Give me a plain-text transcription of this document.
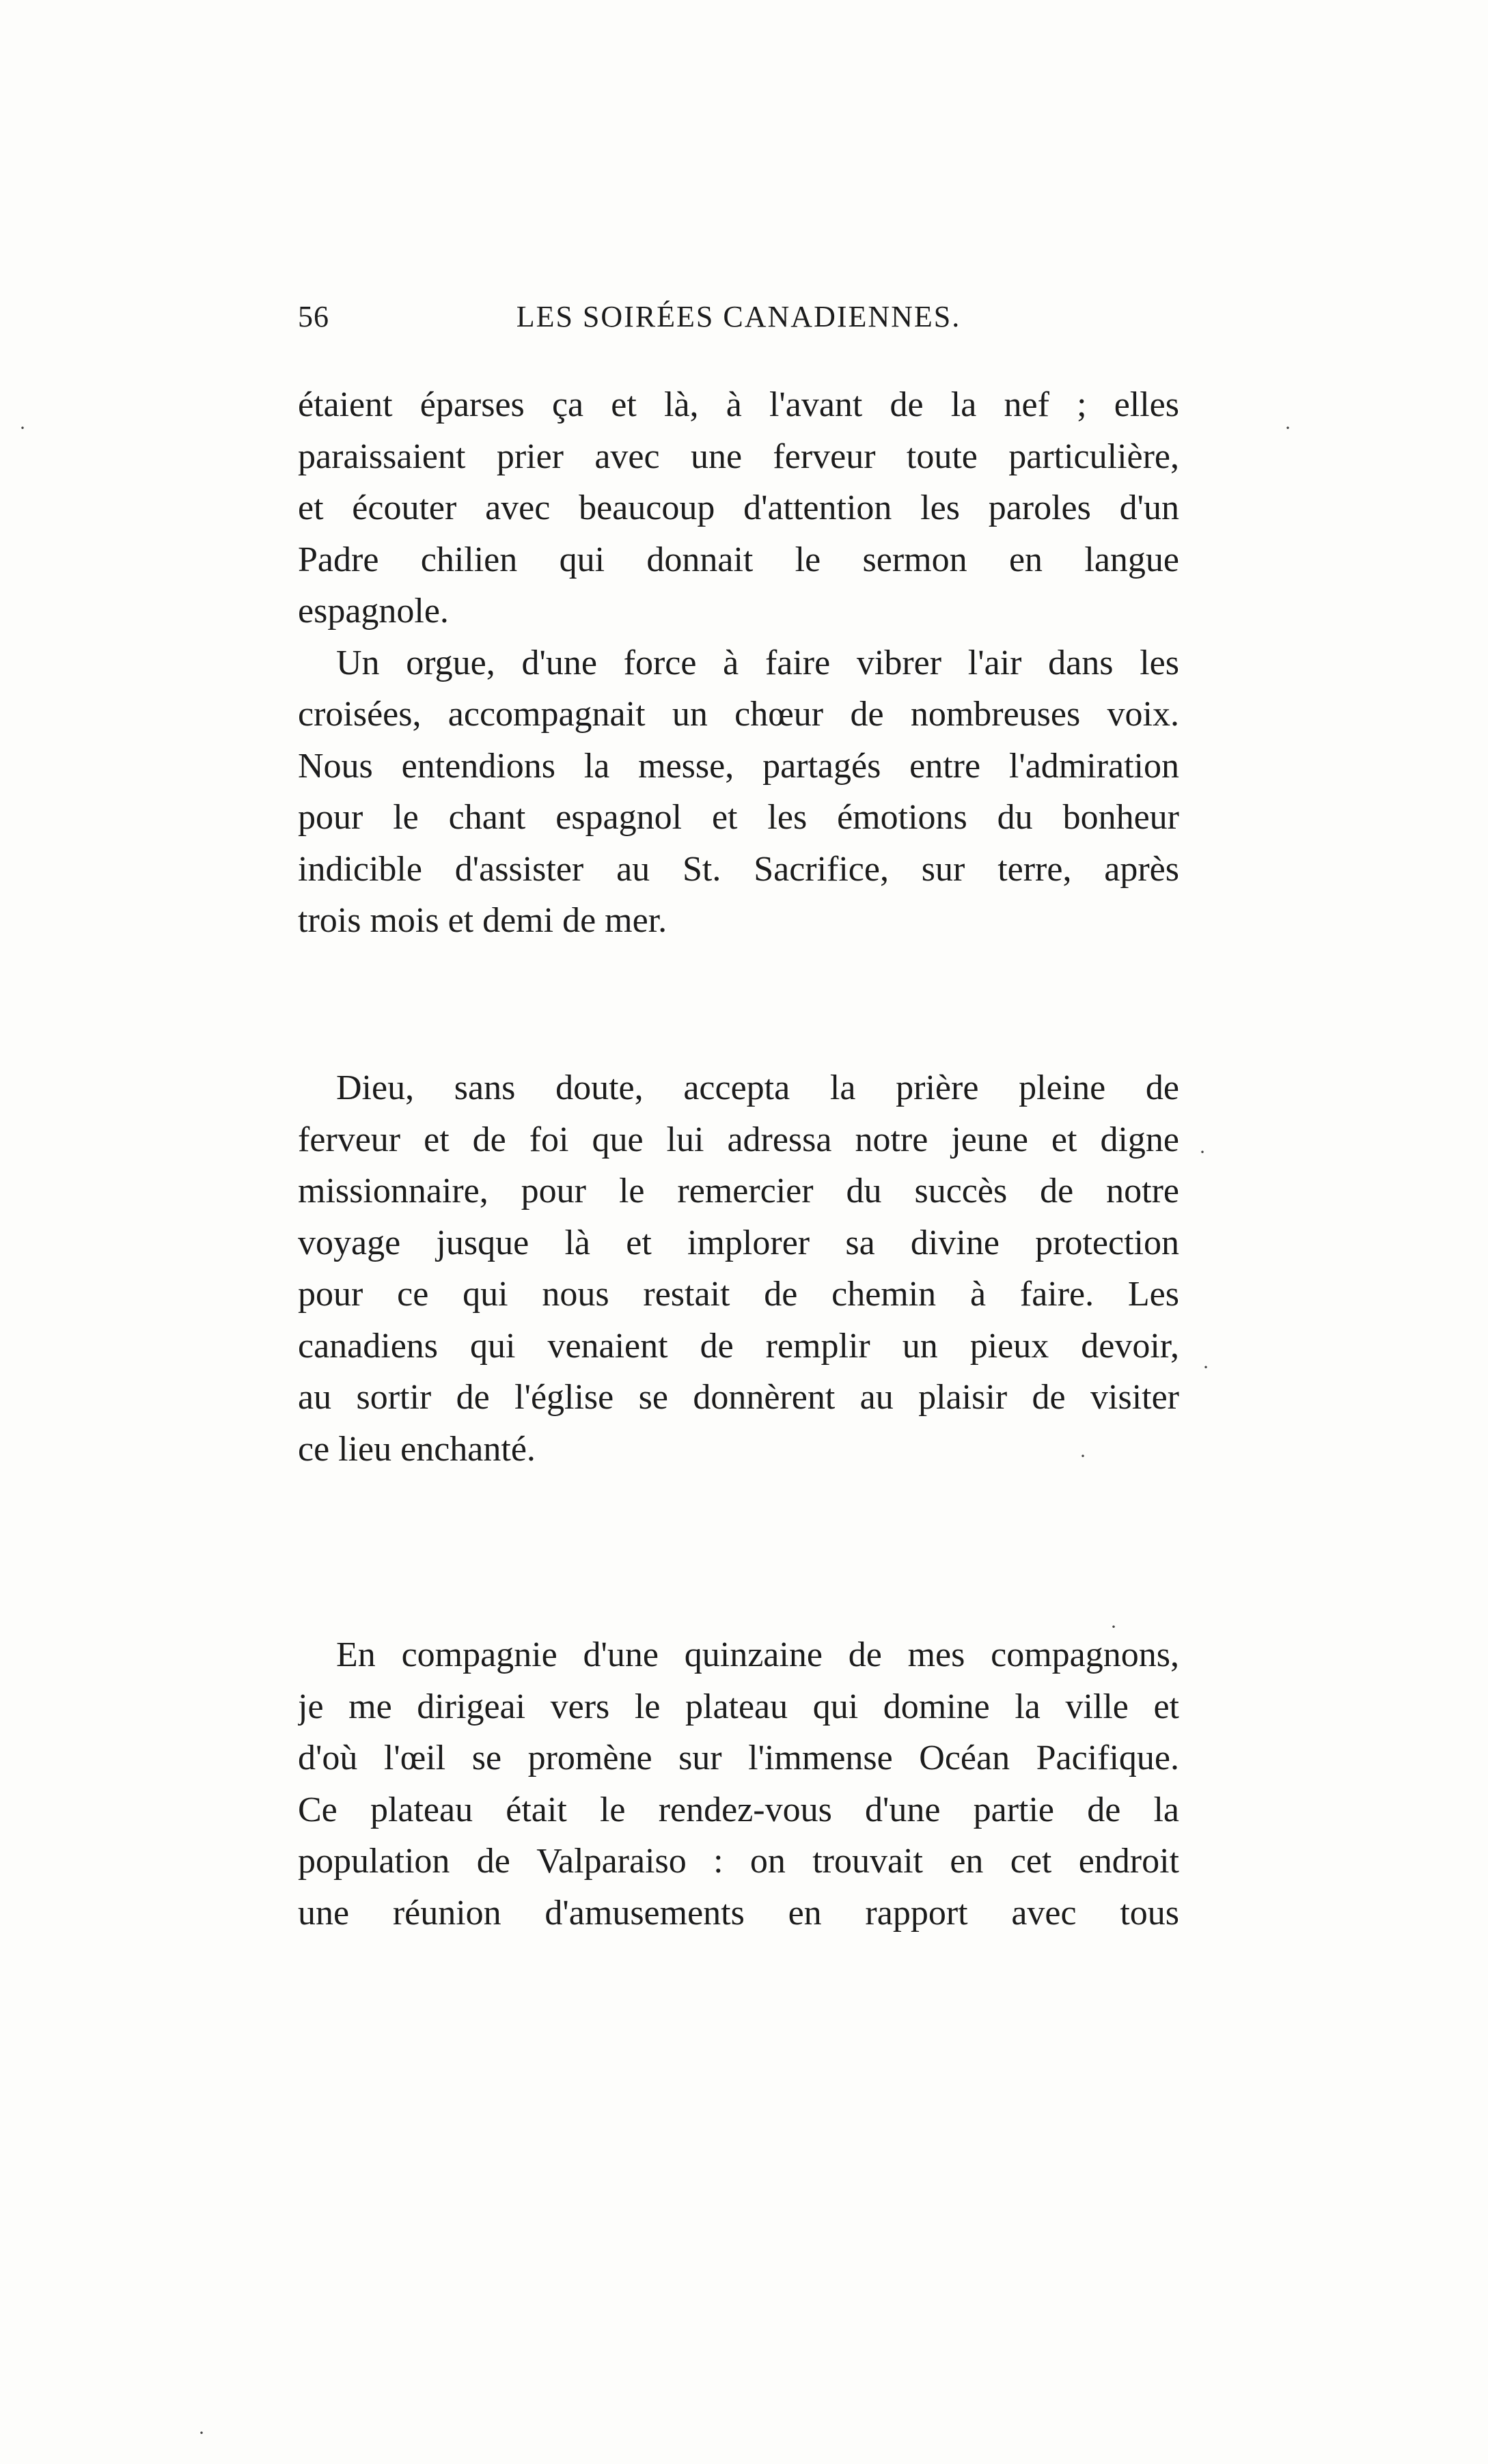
56	LES SOIRÉES CANADIENNES.
étaient éparses ça et là, à l'avant de la nef ; elles
paraissaient prier avec une ferveur toute particulière,
et écouter avec beaucoup d'attention les paroles d'un
Padre chilien qui donnait le sermon en langue
espagnole.
Un orgue, d'une force à faire vibrer l'air dans les
croisées, accompagnait un chœur de nombreuses voix.
Nous entendions la messe, partagés entre l'admiration
pour le chant espagnol et les émotions du bonheur
indicible d'assister au St. Sacrifice, sur terre, après
trois mois et demi de mer.
Dieu, sans doute, accepta la prière pleine de
ferveur et de foi que lui adressa notre jeune et digne
missionnaire, pour le remercier du succès de notre
voyage jusque là et implorer sa divine protection
pour ce qui nous restait de chemin à faire. Les
canadiens qui venaient de remplir un pieux devoir,
au sortir de l'église se donnèrent au plaisir de visiter
ce lieu enchanté.
En compagnie d'une quinzaine de mes compagnons,
je me dirigeai vers le plateau qui domine la ville et
d'où l'œil se promène sur l'immense Océan Pacifique.
Ce plateau était le rendez-vous d'une partie de la
population de Valparaiso : on trouvait en cet endroit
une réunion d'amusements en rapport avec tous
·	·
·
·
·
·
·
